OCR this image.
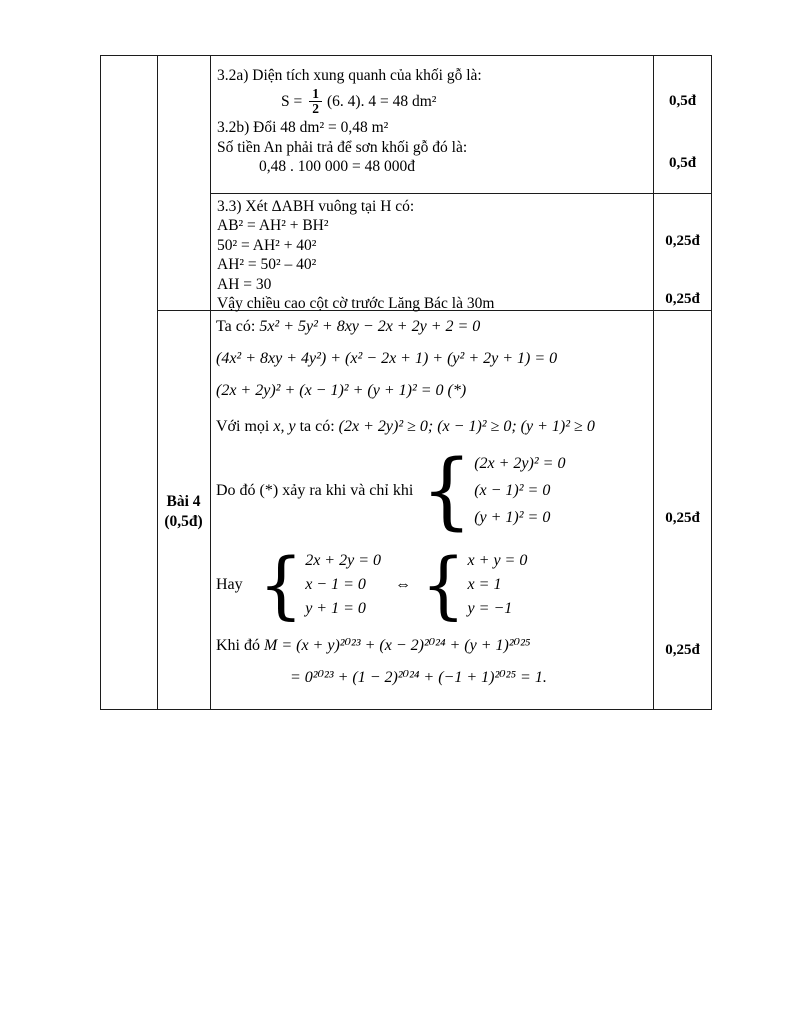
3.2a) Diện tích xung quanh của khối gỗ là:
$S = \frac{1}{2} (6$. 4). 4 = 48 dm²
3.2b) Đổi 48 dm² = 0,48 m²
Số tiền An phải trả để sơn khối gỗ đó là:
0,48 . 100 000 = 48 000đ
3.3) Xét ΔABH vuông tại H có:
AB² = AH² + BH²
50² = AH² + 40²
AH² = 50² – 40²
AH = 30
Vậy chiều cao cột cờ trước Lăng Bác là 30m
Bài 4
(0,5đ)
Ta có: 5x² + 5y² + 8xy − 2x + 2y + 2 = 0
(4x² + 8xy + 4y²) + (x² − 2x + 1) + (y² + 2y + 1) = 0
(2x + 2y)² + (x − 1)² + (y + 1)² = 0 (*)
Với mọi x, y ta có: (2x + 2y)² ≥ 0; (x − 1)² ≥ 0; (y + 1)² ≥ 0
Do đó (*) xảy ra khi và chỉ khi { (2x + 2y)² = 0
(x − 1)² = 0
(y + 1)² = 0
Hay { 2x + 2y = 0
x − 1 = 0
y + 1 = 0
⇔ { x + y = 0
x = 1
y = −1
Khi đó M = (x + y)²⁰²³ + (x − 2)²⁰²⁴ + (y + 1)²⁰²⁵
= 0²⁰²³ + (1 − 2)²⁰²⁴ + (−1 + 1)²⁰²⁵ = 1.
0,5đ
0,5đ
0,25đ
0,25đ
0,25đ
0,25đ
